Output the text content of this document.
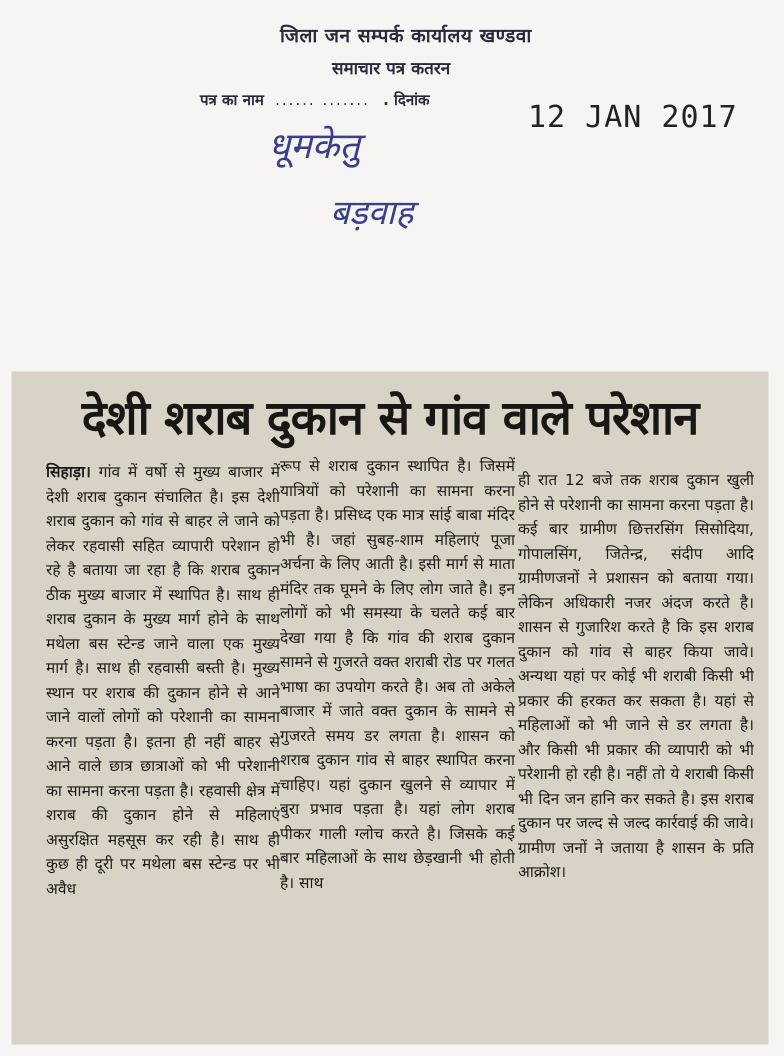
जिला जन सम्पर्क कार्यालय खण्डवा
समाचार पत्र कतरन
पत्र का नाम ...... ....... . दिनांक	12 JAN 2017
धूमकेतु
बड़वाह
देशी शराब दुकान से गांव वाले परेशान
सिहाड़ा। गांव में वर्षो से मुख्य बाजार में देशी शराब दुकान संचालित है। इस देशी शराब दुकान को गांव से बाहर ले जाने को लेकर रहवासी सहित व्यापारी परेशान हो रहे है बताया जा रहा है कि शराब दुकान ठीक मुख्य बाजार में स्थापित है। साथ ही शराब दुकान के मुख्य मार्ग होने के साथ मथेला बस स्टेन्ड जाने वाला एक मुख्य मार्ग है। साथ ही रहवासी बस्ती है। मुख्य स्थान पर शराब की दुकान होने से आने जाने वालों लोगों को परेशानी का सामना करना पड़ता है। इतना ही नहीं बाहर से आने वाले छात्र छात्राओं को भी परेशानी का सामना करना पड़ता है। रहवासी क्षेत्र में शराब की दुकान होने से महिलाएं असुरक्षित महसूस कर रही है। साथ ही कुछ ही दूरी पर मथेला बस स्टेन्ड पर भी अवैध
रूप से शराब दुकान स्थापित है। जिसमें यात्रियों को परेशानी का सामना करना पड़ता है। प्रसिध्द एक मात्र सांई बाबा मंदिर भी है। जहां सुबह-शाम महिलाएं पूजा अर्चना के लिए आती है। इसी मार्ग से माता मंदिर तक घूमने के लिए लोग जाते है। इन लोगों को भी समस्या के चलते कई बार देखा गया है कि गांव की शराब दुकान सामने से गुजरते वक्त शराबी रोड पर गलत भाषा का उपयोग करते है। अब तो अकेले बाजार में जाते वक्त दुकान के सामने से गुजरते समय डर लगता है। शासन को शराब दुकान गांव से बाहर स्थापित करना चाहिए। यहां दुकान खुलने से व्यापार में बुरा प्रभाव पड़ता है। यहां लोग शराब पीकर गाली ग्लोच करते है। जिसके कई बार महिलाओं के साथ छेड़खानी भी होती है। साथ
ही रात 12 बजे तक शराब दुकान खुली होने से परेशानी का सामना करना पड़ता है। कई बार ग्रामीण छित्तरसिंग सिसोदिया, गोपालसिंग, जितेन्द्र, संदीप आदि ग्रामीणजनों ने प्रशासन को बताया गया। लेकिन अधिकारी नजर अंदज करते है। शासन से गुजारिश करते है कि इस शराब दुकान को गांव से बाहर किया जावे। अन्यथा यहां पर कोई भी शराबी किसी भी प्रकार की हरकत कर सकता है। यहां से महिलाओं को भी जाने से डर लगता है। और किसी भी प्रकार की व्यापारी को भी परेशानी हो रही है। नहीं तो ये शराबी किसी भी दिन जन हानि कर सकते है। इस शराब दुकान पर जल्द से जल्द कार्रवाई की जावे। ग्रामीण जनों ने जताया है शासन के प्रति आक्रोश।
